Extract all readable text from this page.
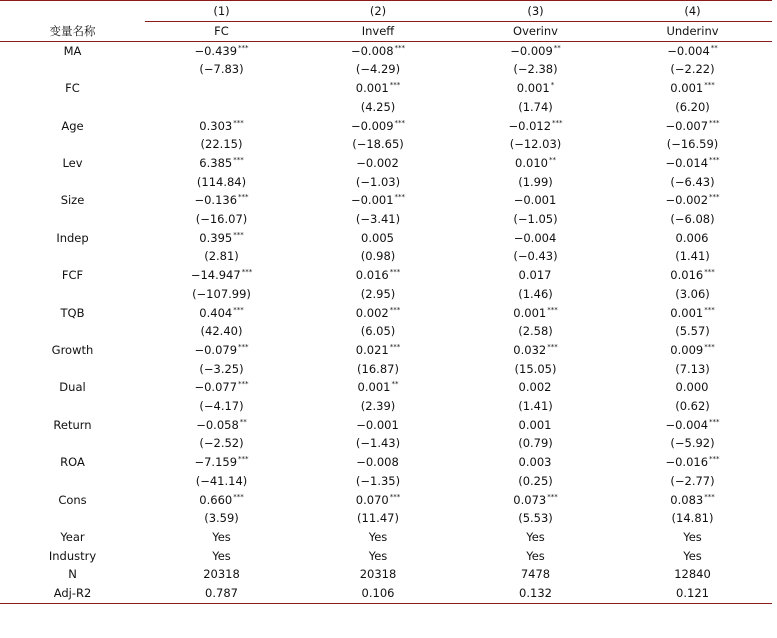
	(1)	(2)	(3)	(4)
变量名称	FC	Inveff	Overinv	Underinv
MA	−0.439***	−0.008***	−0.009**	−0.004**
	(−7.83)	(−4.29)	(−2.38)	(−2.22)
FC		0.001***	0.001*	0.001***
		(4.25)	(1.74)	(6.20)
Age	0.303***	−0.009***	−0.012***	−0.007***
	(22.15)	(−18.65)	(−12.03)	(−16.59)
Lev	6.385***	−0.002	0.010**	−0.014***
	(114.84)	(−1.03)	(1.99)	(−6.43)
Size	−0.136***	−0.001***	−0.001	−0.002***
	(−16.07)	(−3.41)	(−1.05)	(−6.08)
Indep	0.395***	0.005	−0.004	0.006
	(2.81)	(0.98)	(−0.43)	(1.41)
FCF	−14.947***	0.016***	0.017	0.016***
	(−107.99)	(2.95)	(1.46)	(3.06)
TQB	0.404***	0.002***	0.001***	0.001***
	(42.40)	(6.05)	(2.58)	(5.57)
Growth	−0.079***	0.021***	0.032***	0.009***
	(−3.25)	(16.87)	(15.05)	(7.13)
Dual	−0.077***	0.001**	0.002	0.000
	(−4.17)	(2.39)	(1.41)	(0.62)
Return	−0.058**	−0.001	0.001	−0.004***
	(−2.52)	(−1.43)	(0.79)	(−5.92)
ROA	−7.159***	−0.008	0.003	−0.016***
	(−41.14)	(−1.35)	(0.25)	(−2.77)
Cons	0.660***	0.070***	0.073***	0.083***
	(3.59)	(11.47)	(5.53)	(14.81)
Year	Yes	Yes	Yes	Yes
Industry	Yes	Yes	Yes	Yes
N	20318	20318	7478	12840
Adj-R2	0.787	0.106	0.132	0.121
